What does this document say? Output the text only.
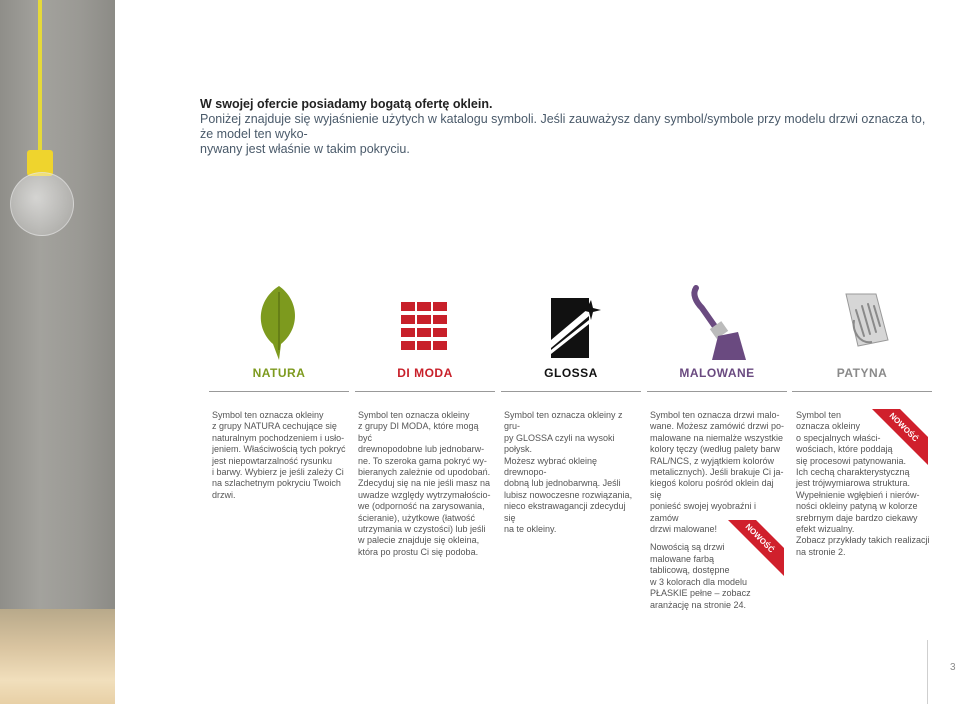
W swojej ofercie posiadamy bogatą ofertę oklein.
Poniżej znajduje się wyjaśnienie użytych w katalogu symboli. Jeśli zauważysz dany symbol/symbole przy modelu drzwi oznacza to, że model ten wyko-
nywany jest właśnie w takim pokryciu.
NATURA	DI MODA	GLOSSA	MALOWANE	PATYNA
Symbol ten oznacza okleiny
z grupy NATURA cechujące się
naturalnym pochodzeniem i usło-
jeniem. Właściwością tych pokryć
jest niepowtarzalność rysunku
i barwy. Wybierz je jeśli zależy Ci
na szlachetnym pokryciu Twoich
drzwi.
Symbol ten oznacza okleiny
z grupy DI MODA, które mogą być
drewnopodobne lub jednobarw-
ne. To szeroka gama pokryć wy-
bieranych zależnie od upodobań.
Zdecyduj się na nie jeśli masz na
uwadze względy wytrzymałościo-
we (odporność na zarysowania,
ścieranie), użytkowe (łatwość
utrzymania w czystości) lub jeśli
w palecie znajduje się okleina,
która po prostu Ci się podoba.
Symbol ten oznacza okleiny z gru-
py GLOSSA czyli na wysoki połysk.
Możesz wybrać okleinę drewnopo-
dobną lub jednobarwną. Jeśli
lubisz nowoczesne rozwiązania,
nieco ekstrawagancji zdecyduj się
na te okleiny.
Symbol ten oznacza drzwi malo-
wane. Możesz zamówić drzwi po-
malowane na niemalże wszystkie
kolory tęczy (według palety barw
RAL/NCS, z wyjątkiem kolorów
metalicznych). Jeśli brakuje Ci ja-
kiegoś koloru pośród oklein daj się
ponieść swojej wyobraźni i zamów
drzwi malowane!
Nowością są drzwi
malowane farbą
tablicową, dostępne
w 3 kolorach dla modelu
PŁASKIE pełne – zobacz
aranżację na stronie 24.
Symbol ten
oznacza okleiny
o specjalnych właści-
wościach, które poddają
się procesowi patynowania.
Ich cechą charakterystyczną
jest trójwymiarowa struktura.
Wypełnienie wgłębień i nierów-
ności okleiny patyną w kolorze
srebrnym daje bardzo ciekawy
efekt wizualny.
Zobacz przykłady takich realizacji
na stronie 2.
NOWOŚĆ
NOWOŚĆ
3
